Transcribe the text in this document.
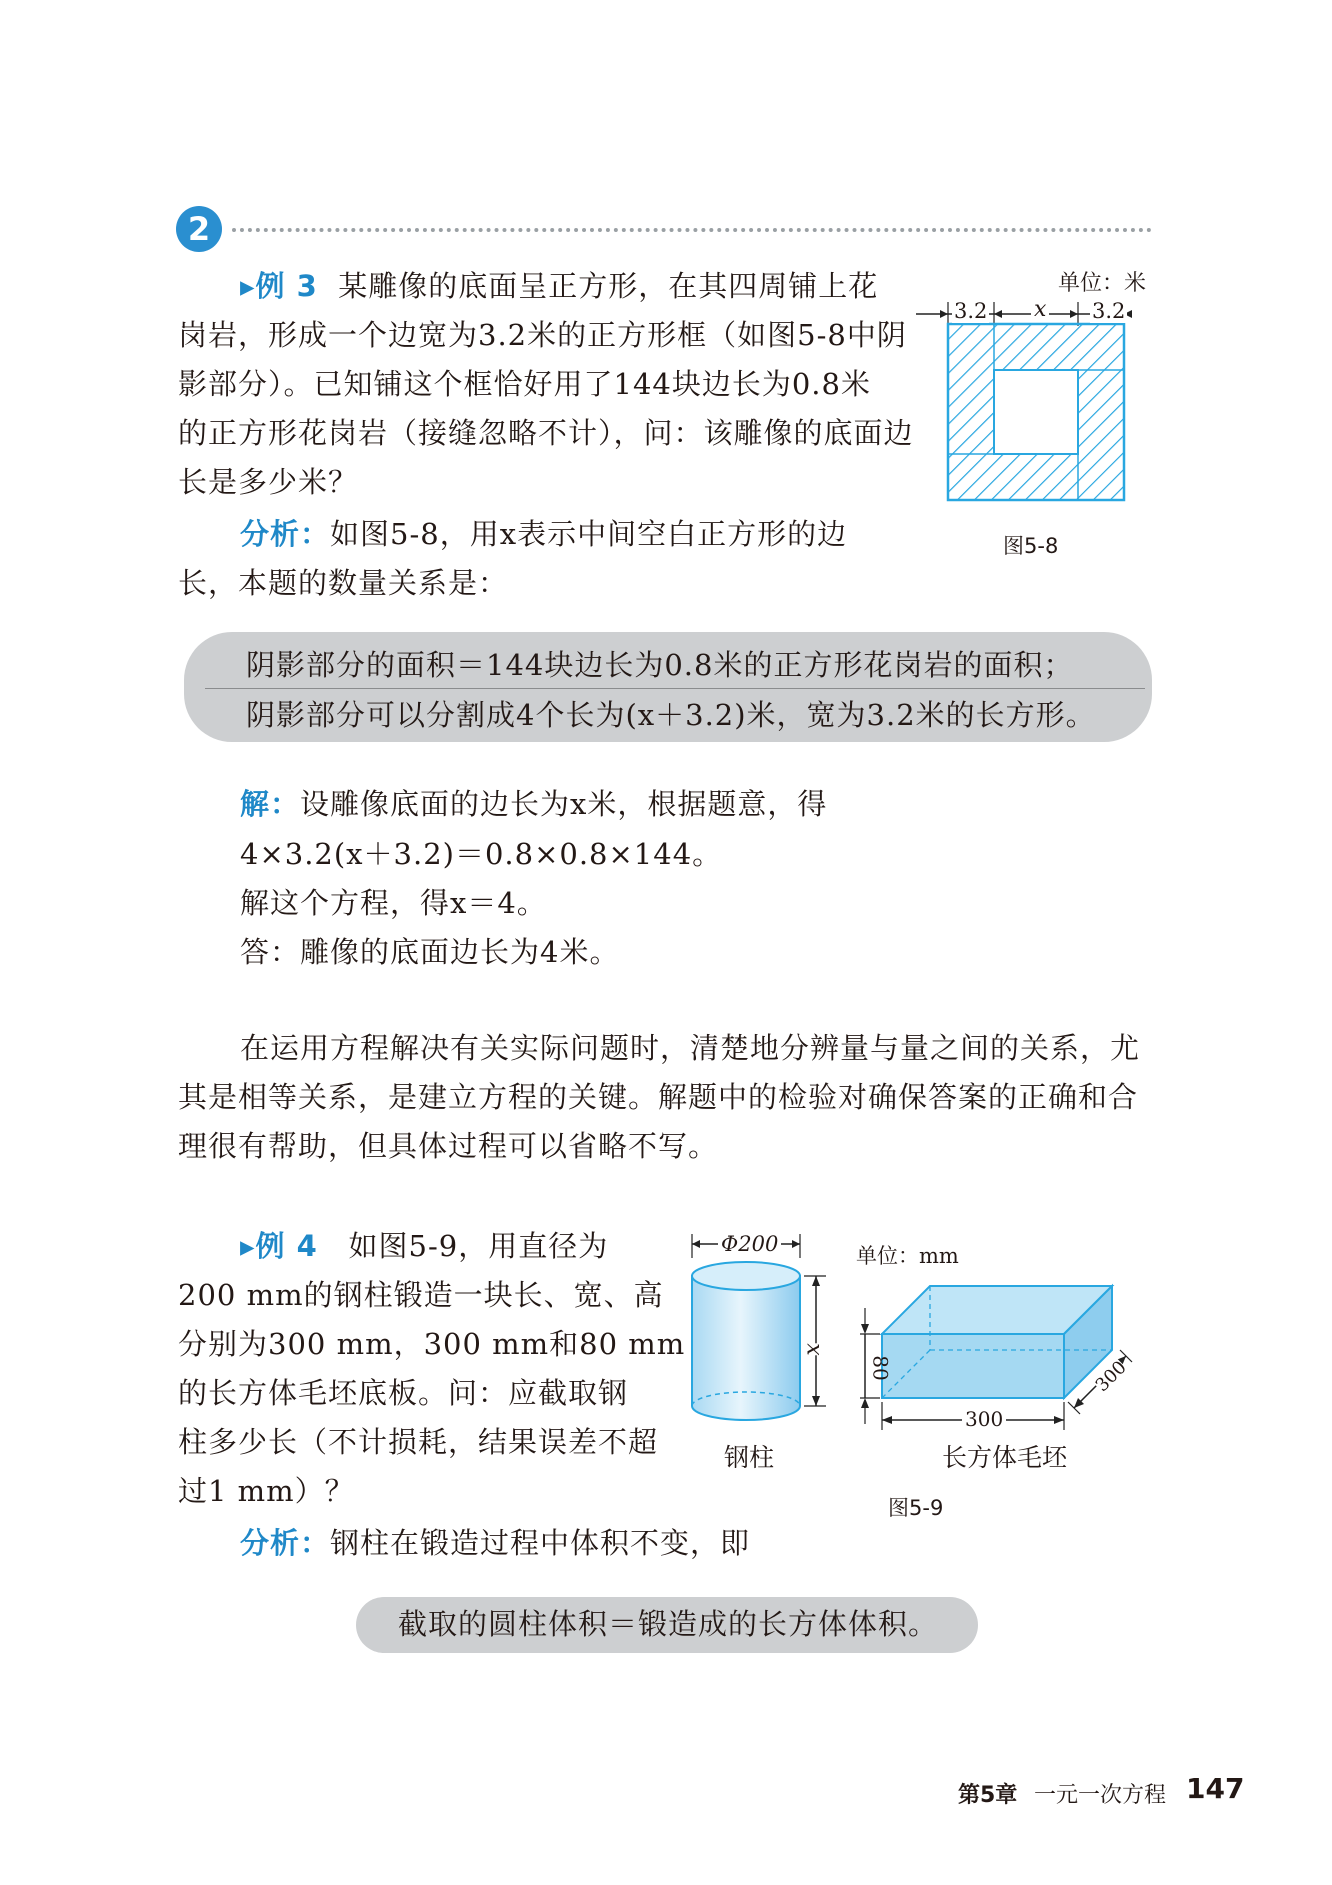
2
▸例 3 某雕像的底面呈正方形，在其四周铺上花
岗岩，形成一个边宽为3.2米的正方形框（如图5-8中阴
影部分）。已知铺这个框恰好用了144块边长为0.8米
的正方形花岗岩（接缝忽略不计），问：该雕像的底面边
长是多少米？
分析：如图5-8，用x表示中间空白正方形的边
长，本题的数量关系是：
单位：米
3.2 x 3.2
图5-8
阴影部分的面积＝144块边长为0.8米的正方形花岗岩的面积；
阴影部分可以分割成4个长为(x＋3.2)米，宽为3.2米的长方形。
解：设雕像底面的边长为x米，根据题意，得
4×3.2(x＋3.2)＝0.8×0.8×144。
解这个方程，得x＝4。
答：雕像的底面边长为4米。
在运用方程解决有关实际问题时，清楚地分辨量与量之间的关系，尤
其是相等关系，是建立方程的关键。解题中的检验对确保答案的正确和合
理很有帮助，但具体过程可以省略不写。
▸例 4 如图5-9，用直径为
200 mm的钢柱锻造一块长、宽、高
分别为300 mm，300 mm和80 mm
的长方体毛坯底板。问：应截取钢
柱多少长（不计损耗，结果误差不超
过1 mm）？
分析：钢柱在锻造过程中体积不变，即
Φ200
x
钢柱
单位：mm
80
300
300
长方体毛坯
图5-9
截取的圆柱体积＝锻造成的长方体体积。
第5章 一元一次方程 147
